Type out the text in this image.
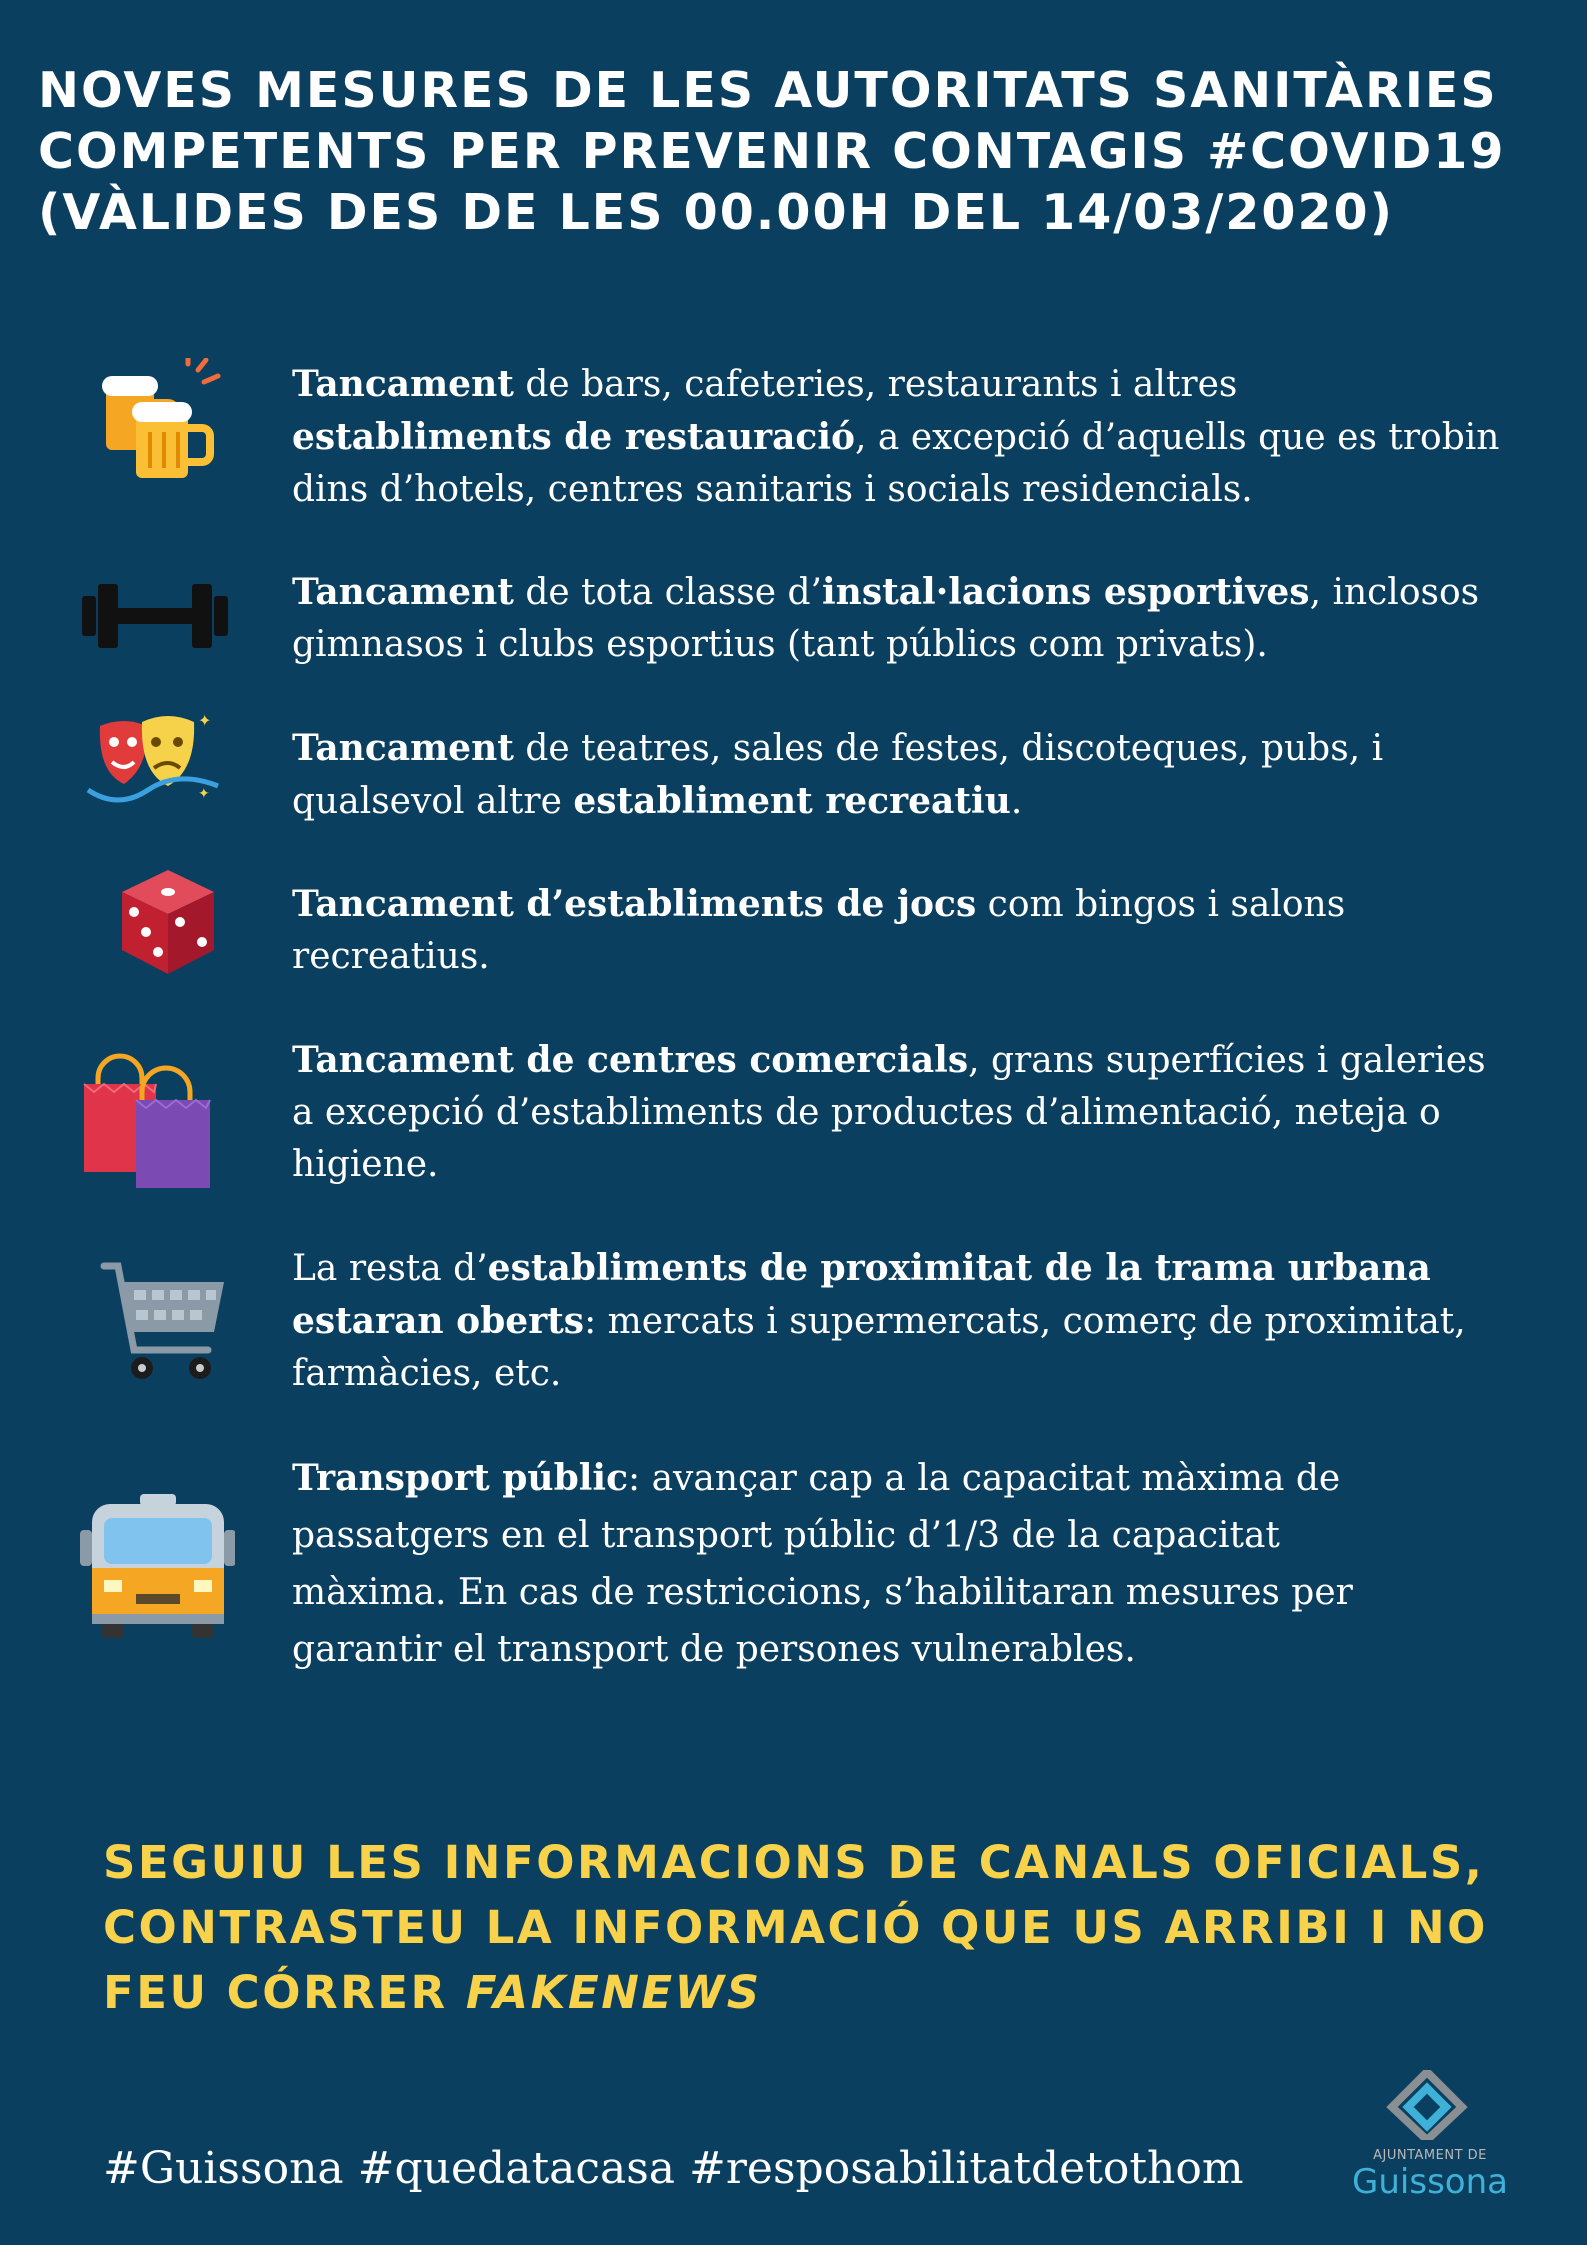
NOVES MESURES DE LES AUTORITATS SANITÀRIES
COMPETENTS PER PREVENIR CONTAGIS #COVID19
(VÀLIDES DES DE LES 00.00H DEL 14/03/2020)
Tancament de bars, cafeteries, restaurants i altres
establiments de restauració, a excepció d’aquells que es trobin
dins d’hotels, centres sanitaris i socials residencials.
Tancament de tota classe d’instal·lacions esportives, inclosos
gimnasos i clubs esportius (tant públics com privats).
✦
✦
Tancament de teatres, sales de festes, discoteques, pubs, i
qualsevol altre establiment recreatiu.
Tancament d’establiments de jocs com bingos i salons
recreatius.
Tancament de centres comercials, grans superfícies i galeries
a excepció d’establiments de productes d’alimentació, neteja o
higiene.
La resta d’establiments de proximitat de la trama urbana
estaran oberts: mercats i supermercats, comerç de proximitat,
farmàcies, etc.
Transport públic: avançar cap a la capacitat màxima de
passatgers en el transport públic d’1/3 de la capacitat
màxima. En cas de restriccions, s’habilitaran mesures per
garantir el transport de persones vulnerables.
SEGUIU LES INFORMACIONS DE CANALS OFICIALS,
CONTRASTEU LA INFORMACIÓ QUE US ARRIBI I NO
FEU CÓRRER FAKENEWS
#Guissona #quedatacasa #resposabilitatdetothom	AJUNTAMENT DE
Guissona
